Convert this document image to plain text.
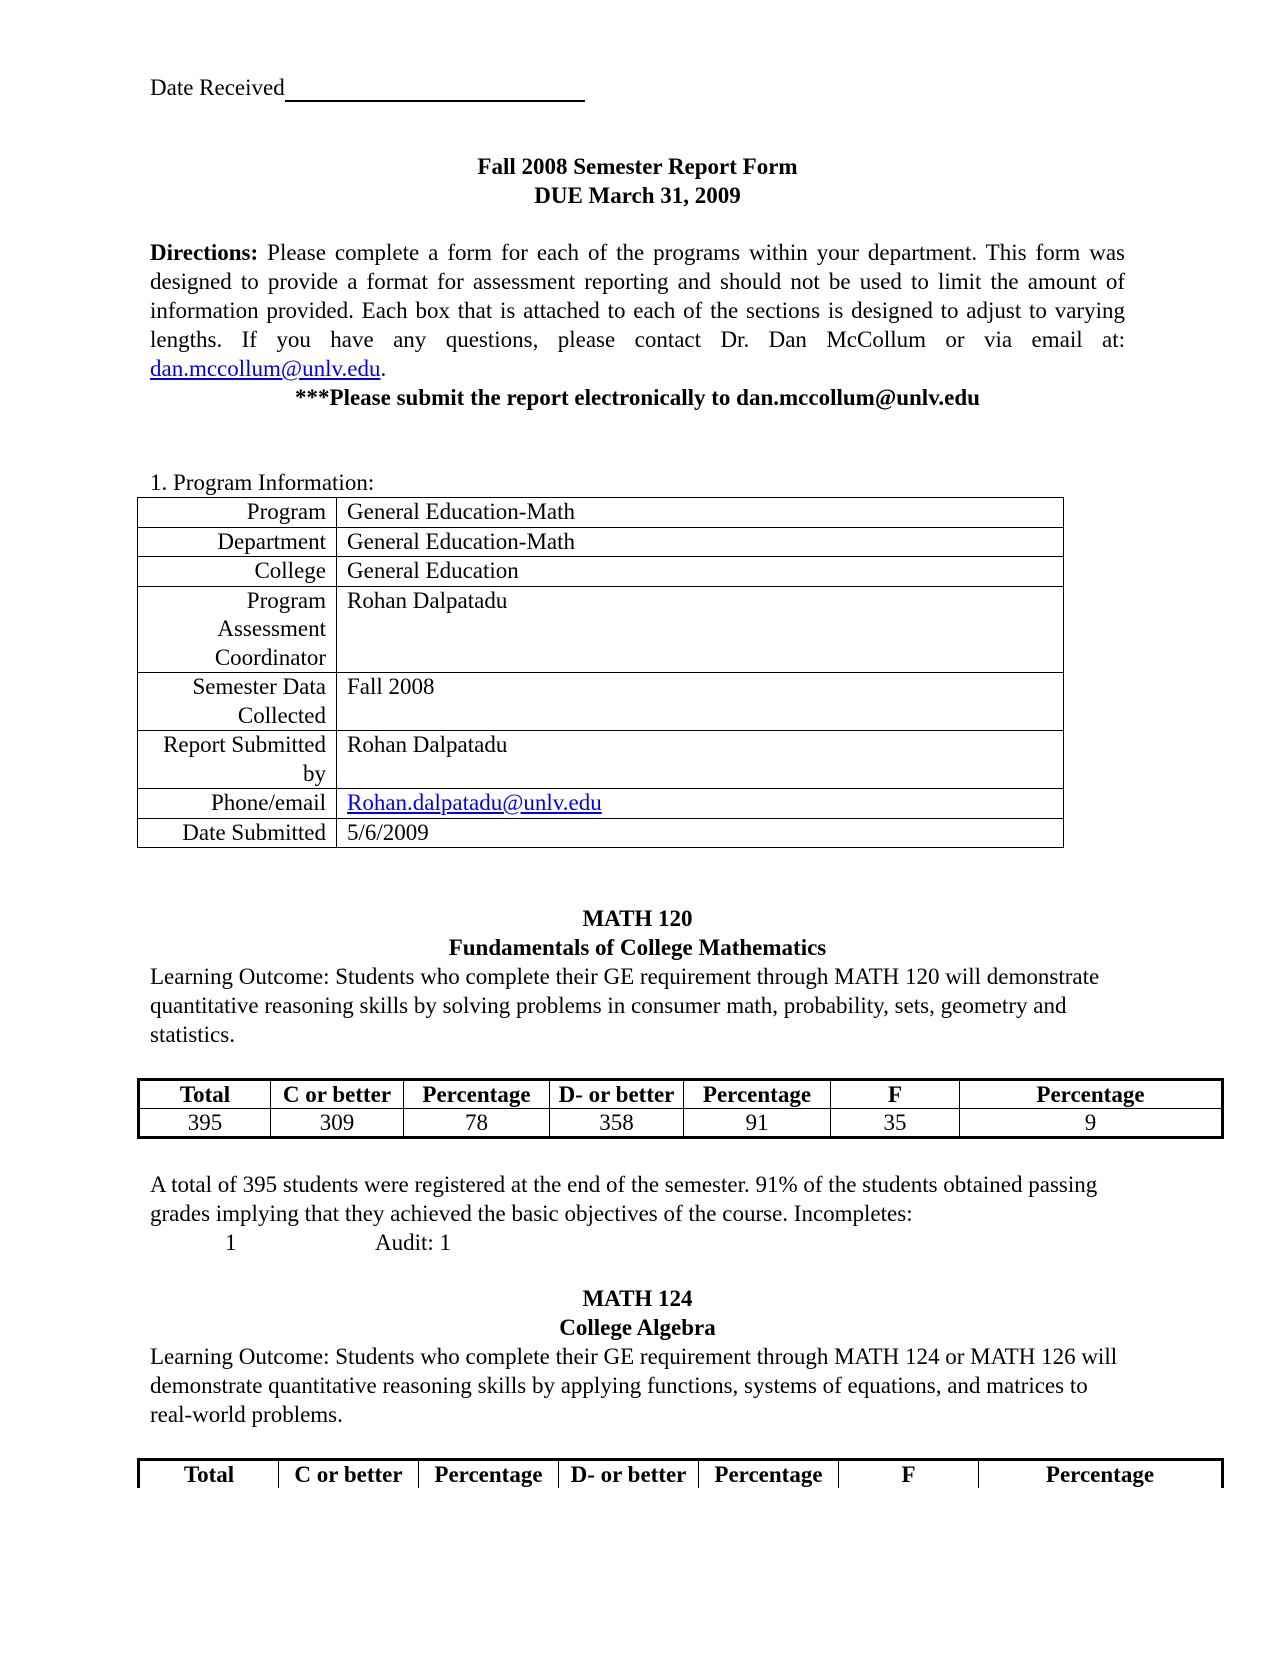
Date Received
Fall 2008 Semester Report Form
DUE March 31, 2009
Directions: Please complete a form for each of the programs within your department. This form was designed to provide a format for assessment reporting and should not be used to limit the amount of information provided. Each box that is attached to each of the sections is designed to adjust to varying lengths. If you have any questions, please contact Dr. Dan McCollum or via email at: dan.mccollum@unlv.edu.
***Please submit the report electronically to dan.mccollum@unlv.edu
1. Program Information:
Program	General Education-Math
Department	General Education-Math
College	General Education
Program Assessment Coordinator	Rohan Dalpatadu
Semester Data Collected	Fall 2008
Report Submitted by	Rohan Dalpatadu
Phone/email	Rohan.dalpatadu@unlv.edu
Date Submitted	5/6/2009
MATH 120
Fundamentals of College Mathematics
Learning Outcome: Students who complete their GE requirement through MATH 120 will demonstrate quantitative reasoning skills by solving problems in consumer math, probability, sets, geometry and statistics.
Total	C or better	Percentage	D- or better	Percentage	F	Percentage
395	309	78	358	91	35	9
A total of 395 students were registered at the end of the semester. 91% of the students obtained passing grades implying that they achieved the basic objectives of the course. Incompletes:
1	Audit: 1
MATH 124
College Algebra
Learning Outcome: Students who complete their GE requirement through MATH 124 or MATH 126 will demonstrate quantitative reasoning skills by applying functions, systems of equations, and matrices to real-world problems.
Total	C or better	Percentage	D- or better	Percentage	F	Percentage
